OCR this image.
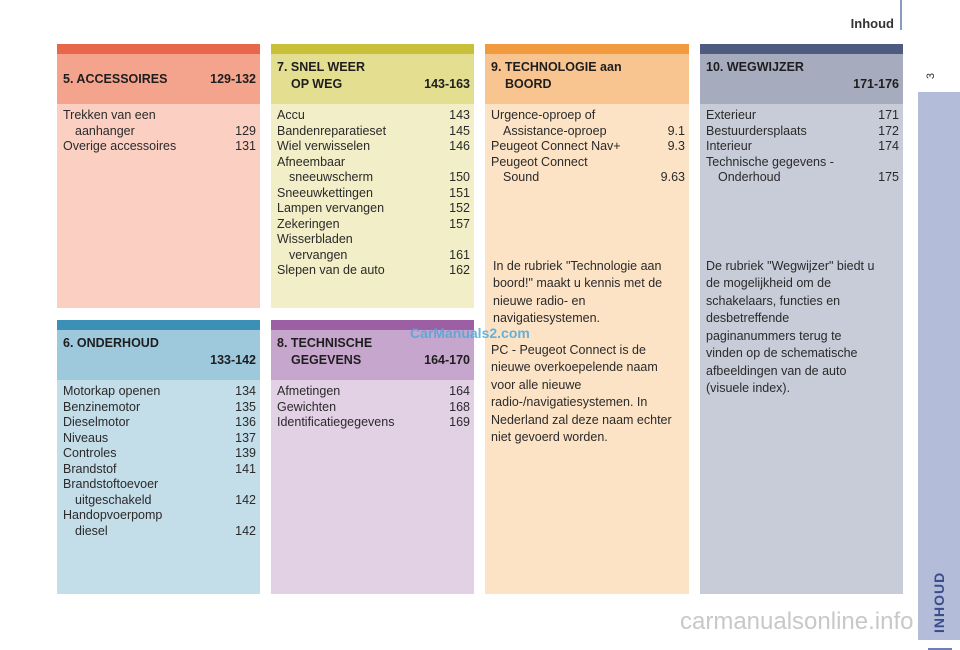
Inhoud
3
INHOUD
5. ACCESSOIRES	129-132
Trekken van een
aanhanger	129
Overige accessoires	131
6. ONDERHOUD
133-142
Motorkap openen	134
Benzinemotor	135
Dieselmotor	136
Niveaus	137
Controles	139
Brandstof	141
Brandstoftoevoer
uitgeschakeld	142
Handopvoerpomp
diesel	142
7. SNEL WEER
OP WEG	143-163
Accu	143
Bandenreparatieset	145
Wiel verwisselen	146
Afneembaar
sneeuwscherm	150
Sneeuwkettingen	151
Lampen vervangen	152
Zekeringen	157
Wisserbladen
vervangen	161
Slepen van de auto	162
8. TECHNISCHE
GEGEVENS	164-170
Afmetingen	164
Gewichten	168
Identificatiegegevens	169
9. TECHNOLOGIE aan
BOORD
Urgence-oproep of
Assistance-oproep	9.1
Peugeot Connect Nav+	9.3
Peugeot Connect
Sound	9.63
In de rubriek "Technologie aan boord!" maakt u kennis met de nieuwe radio- en navigatiesystemen.
PC - Peugeot Connect is de nieuwe overkoepelende naam voor alle nieuwe radio-/navigatiesystemen. In Nederland zal deze naam echter niet gevoerd worden.
10. WEGWIJZER
171-176
Exterieur	171
Bestuurdersplaats	172
Interieur	174
Technische gegevens -
Onderhoud	175
De rubriek "Wegwijzer" biedt u de mogelijkheid om de schakelaars, functies en desbetreffende paginanummers terug te vinden op de schematische afbeeldingen van de auto (visuele index).
CarManuals2.com
carmanualsonline.info
